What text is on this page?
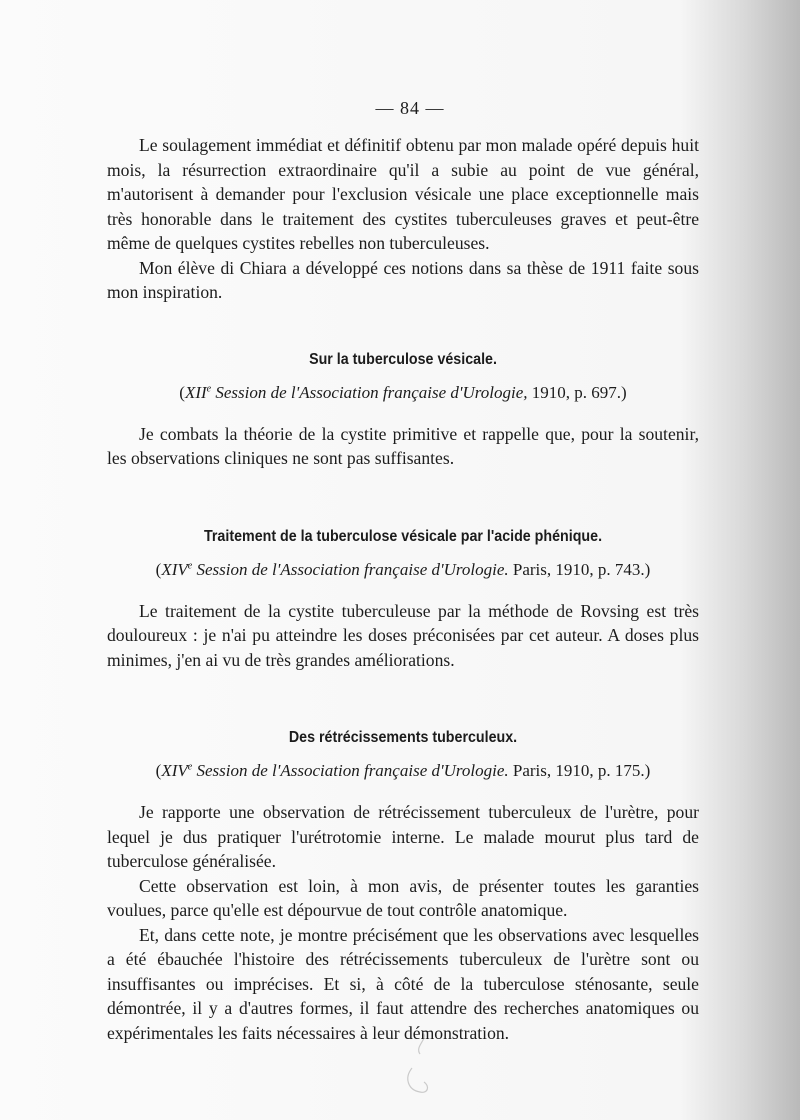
— 84 —

Le soulagement immédiat et définitif obtenu par mon malade opéré depuis huit mois, la résurrection extraordinaire qu'il a subie au point de vue général, m'autorisent à demander pour l'exclusion vésicale une place exceptionnelle mais très honorable dans le traitement des cystites tuberculeuses graves et peut-être même de quelques cystites rebelles non tuberculeuses.

Mon élève di Chiara a développé ces notions dans sa thèse de 1911 faite sous mon inspiration.

Sur la tuberculose vésicale.

(XIIe Session de l'Association française d'Urologie, 1910, p. 697.)

Je combats la théorie de la cystite primitive et rappelle que, pour la soutenir, les observations cliniques ne sont pas suffisantes.

Traitement de la tuberculose vésicale par l'acide phénique.

(XIVe Session de l'Association française d'Urologie. Paris, 1910, p. 743.)

Le traitement de la cystite tuberculeuse par la méthode de Rovsing est très douloureux : je n'ai pu atteindre les doses préconisées par cet auteur. A doses plus minimes, j'en ai vu de très grandes améliorations.

Des rétrécissements tuberculeux.

(XIVe Session de l'Association française d'Urologie. Paris, 1910, p. 175.)

Je rapporte une observation de rétrécissement tuberculeux de l'urètre, pour lequel je dus pratiquer l'urétrotomie interne. Le malade mourut plus tard de tuberculose généralisée.

Cette observation est loin, à mon avis, de présenter toutes les garanties voulues, parce qu'elle est dépourvue de tout contrôle anatomique.

Et, dans cette note, je montre précisément que les observations avec lesquelles a été ébauchée l'histoire des rétrécissements tuberculeux de l'urètre sont ou insuffisantes ou imprécises. Et si, à côté de la tuberculose sténosante, seule démontrée, il y a d'autres formes, il faut attendre des recherches anatomiques ou expérimentales les faits nécessaires à leur démonstration.
